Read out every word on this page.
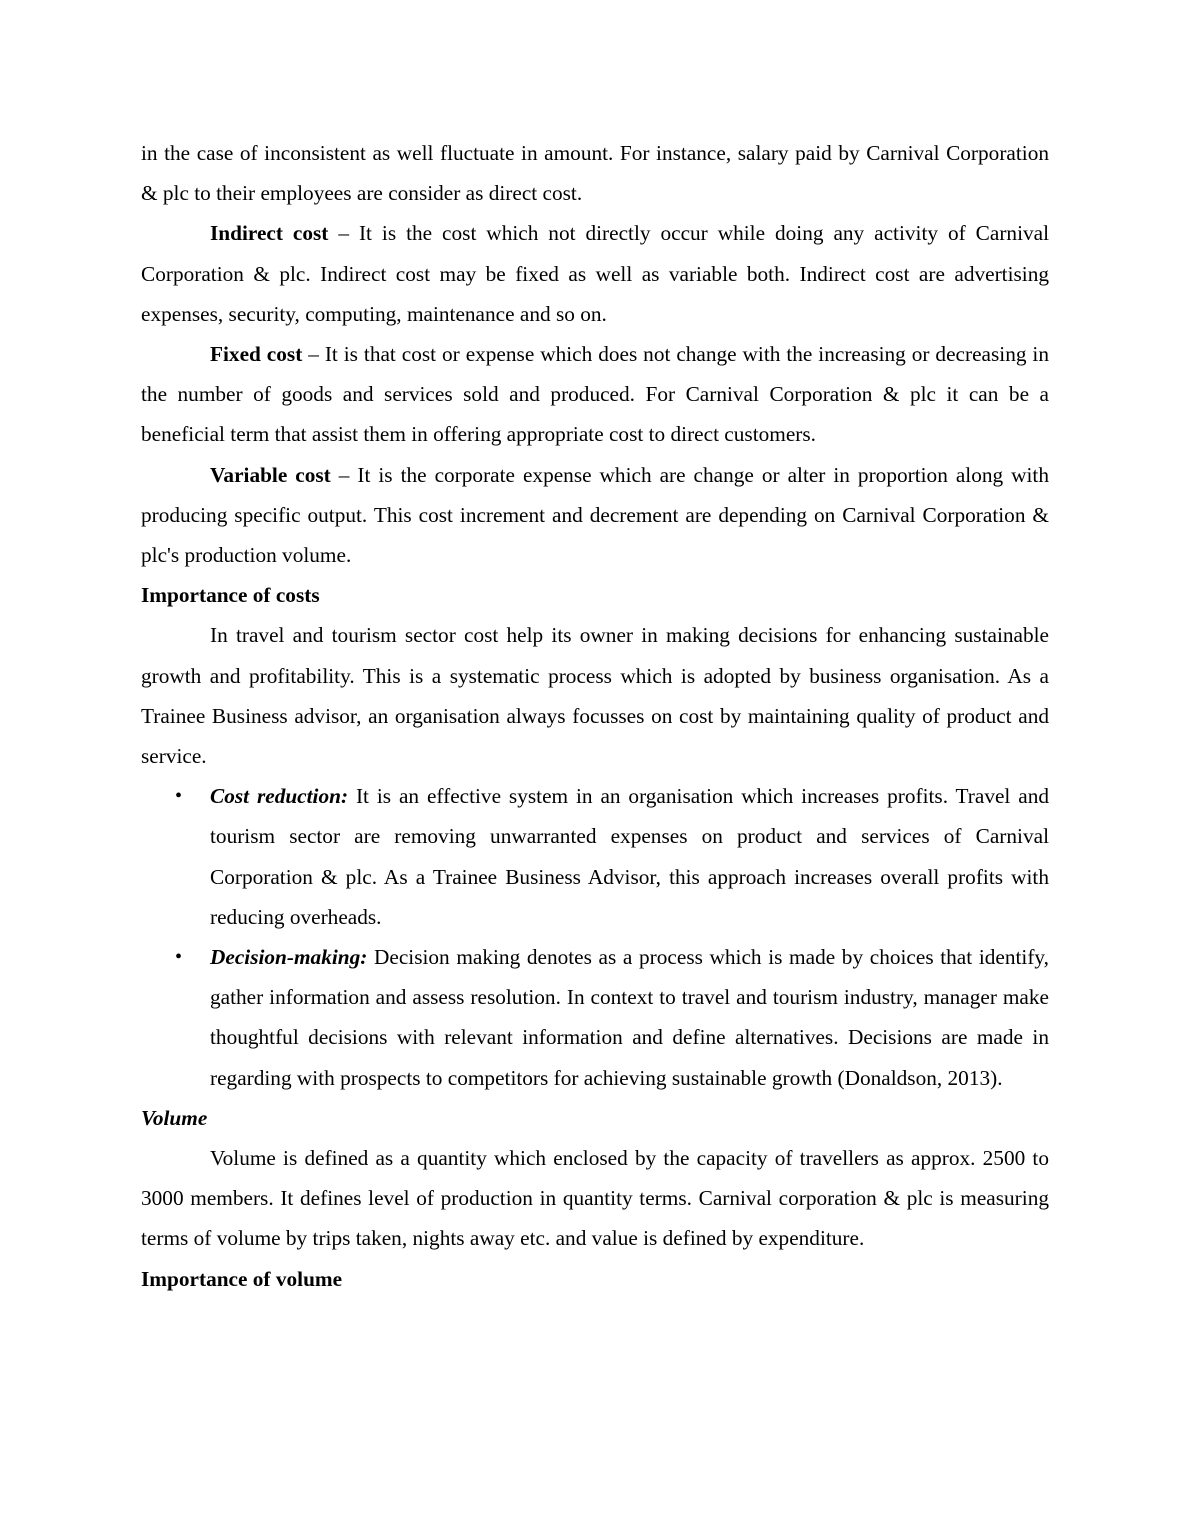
in the case of inconsistent as well fluctuate in amount. For instance, salary paid by Carnival Corporation & plc to their employees are consider as direct cost.

Indirect cost – It is the cost which not directly occur while doing any activity of Carnival Corporation & plc. Indirect cost may be fixed as well as variable both. Indirect cost are advertising expenses, security, computing, maintenance and so on.

Fixed cost – It is that cost or expense which does not change with the increasing or decreasing in the number of goods and services sold and produced. For Carnival Corporation & plc it can be a beneficial term that assist them in offering appropriate cost to direct customers.

Variable cost – It is the corporate expense which are change or alter in proportion along with producing specific output. This cost increment and decrement are depending on Carnival Corporation & plc's production volume.

Importance of costs

In travel and tourism sector cost help its owner in making decisions for enhancing sustainable growth and profitability. This is a systematic process which is adopted by business organisation. As a Trainee Business advisor, an organisation always focusses on cost by maintaining quality of product and service.

• Cost reduction: It is an effective system in an organisation which increases profits. Travel and tourism sector are removing unwarranted expenses on product and services of Carnival Corporation & plc. As a Trainee Business Advisor, this approach increases overall profits with reducing overheads.
• Decision-making: Decision making denotes as a process which is made by choices that identify, gather information and assess resolution. In context to travel and tourism industry, manager make thoughtful decisions with relevant information and define alternatives. Decisions are made in regarding with prospects to competitors for achieving sustainable growth (Donaldson, 2013).

Volume

Volume is defined as a quantity which enclosed by the capacity of travellers as approx. 2500 to 3000 members. It defines level of production in quantity terms. Carnival corporation & plc is measuring terms of volume by trips taken, nights away etc. and value is defined by expenditure.

Importance of volume
